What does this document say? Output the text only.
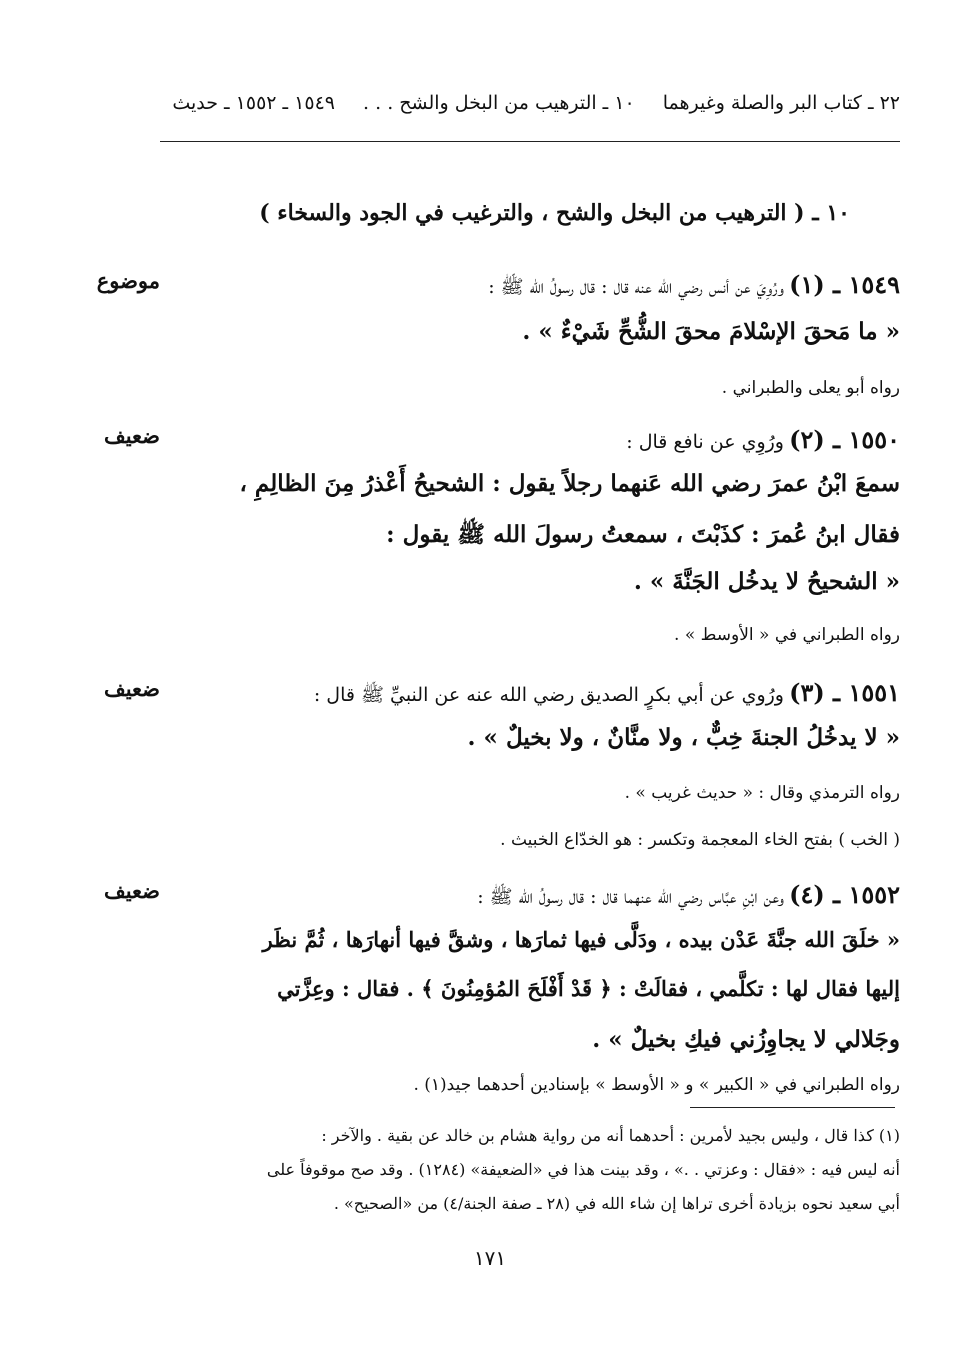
٢٢ ـ كتاب البر والصلة وغيرهما ١٠ ـ الترهيب من البخل والشح . . . ١٥٤٩ ـ ١٥٥٢ ـ حديث
١٠ ـ ( الترهيب من البخل والشح ، والترغيب في الجود والسخاء )
١٥٤٩ ـ (١) ورُوِيَ عن أنس رضي الله عنه قال : قال رسولُ الله ﷺ :
موضوع
« ما مَحقَ الإسْلامَ محقَ الشُّحِّ شَيْءٌ » .
رواه أبو يعلى والطبراني .
١٥٥٠ ـ (٢) ورُوِي عن نافع قال :
ضعيف
سمعَ ابْنُ عمرَ رضي الله عَنهما رجلاً يقول : الشحيحُ أَعْذرُ مِنَ الظالِمِ ،
فقال ابنُ عُمرَ : كذَبْتَ ، سمعتُ رسولَ الله ﷺ يقول :
« الشحيحُ لا يدخُل الجَنَّةَ » .
رواه الطبراني في « الأوسط » .
١٥٥١ ـ (٣) ورُوي عن أبي بكرٍ الصديق رضي الله عنه عن النبيِّ ﷺ قال :
ضعيف
« لا يدخُلُ الجنةَ خِبٌّ ، ولا منَّانٌ ، ولا بخيلٌ » .
رواه الترمذي وقال : « حديث غريب » .
( الخب ) بفتح الخاء المعجمة وتكسر : هو الخدّاع الخبيث .
١٥٥٢ ـ (٤) وعن ابْنِ عبَّاس رضي الله عنهما قال : قال رسولُ الله ﷺ :
ضعيف
« خلَقَ الله جنَّةَ عَدْن بيده ، ودَلَّى فيها ثمارَها ، وشقَّ فيها أنهارَها ، ثُمَّ نظَر
إليها فقال لها : تكلَّمي ، فقالَتْ : ﴿ قَدْ أَفْلَحَ المُؤمِنُونَ ﴾ . فقال : وعِزَّتي
وجَلالي لا يجاوِزُني فيكِ بخيلٌ » .
رواه الطبراني في « الكبير » و « الأوسط » بإسنادين أحدهما جيد(١) .
(١) كذا قال ، وليس بجيد لأمرين : أحدهما أنه من رواية هشام بن خالد عن بقية . والآخر :
أنه ليس فيه : «فقال : وعزتي . .» ، وقد بينت هذا في «الضعيفة» (١٢٨٤) . وقد صح موقوفاً على
أبي سعيد نحوه بزيادة أخرى تراها إن شاء الله في (٢٨ ـ صفة الجنة/٤) من «الصحيح» .
١٧١
